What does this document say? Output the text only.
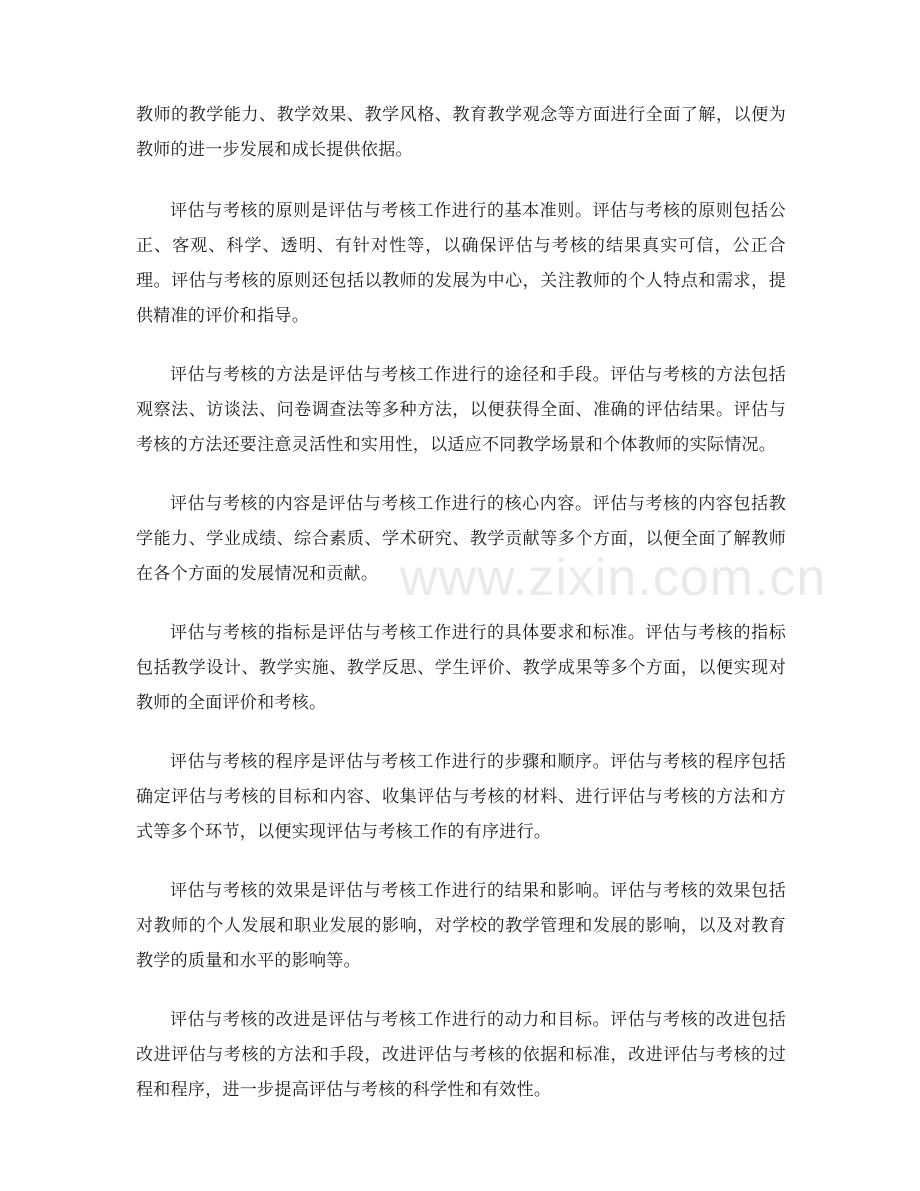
教师的教学能力、教学效果、教学风格、教育教学观念等方面进行全面了解，以便为教师的进一步发展和成长提供依据。

评估与考核的原则是评估与考核工作进行的基本准则。评估与考核的原则包括公正、客观、科学、透明、有针对性等，以确保评估与考核的结果真实可信，公正合理。评估与考核的原则还包括以教师的发展为中心，关注教师的个人特点和需求，提供精准的评价和指导。

评估与考核的方法是评估与考核工作进行的途径和手段。评估与考核的方法包括观察法、访谈法、问卷调查法等多种方法，以便获得全面、准确的评估结果。评估与考核的方法还要注意灵活性和实用性，以适应不同教学场景和个体教师的实际情况。

评估与考核的内容是评估与考核工作进行的核心内容。评估与考核的内容包括教学能力、学业成绩、综合素质、学术研究、教学贡献等多个方面，以便全面了解教师在各个方面的发展情况和贡献。

评估与考核的指标是评估与考核工作进行的具体要求和标准。评估与考核的指标包括教学设计、教学实施、教学反思、学生评价、教学成果等多个方面，以便实现对教师的全面评价和考核。

评估与考核的程序是评估与考核工作进行的步骤和顺序。评估与考核的程序包括确定评估与考核的目标和内容、收集评估与考核的材料、进行评估与考核的方法和方式等多个环节，以便实现评估与考核工作的有序进行。

评估与考核的效果是评估与考核工作进行的结果和影响。评估与考核的效果包括对教师的个人发展和职业发展的影响，对学校的教学管理和发展的影响，以及对教育教学的质量和水平的影响等。

评估与考核的改进是评估与考核工作进行的动力和目标。评估与考核的改进包括改进评估与考核的方法和手段，改进评估与考核的依据和标准，改进评估与考核的过程和程序，进一步提高评估与考核的科学性和有效性。

www.zixin.com.cn
